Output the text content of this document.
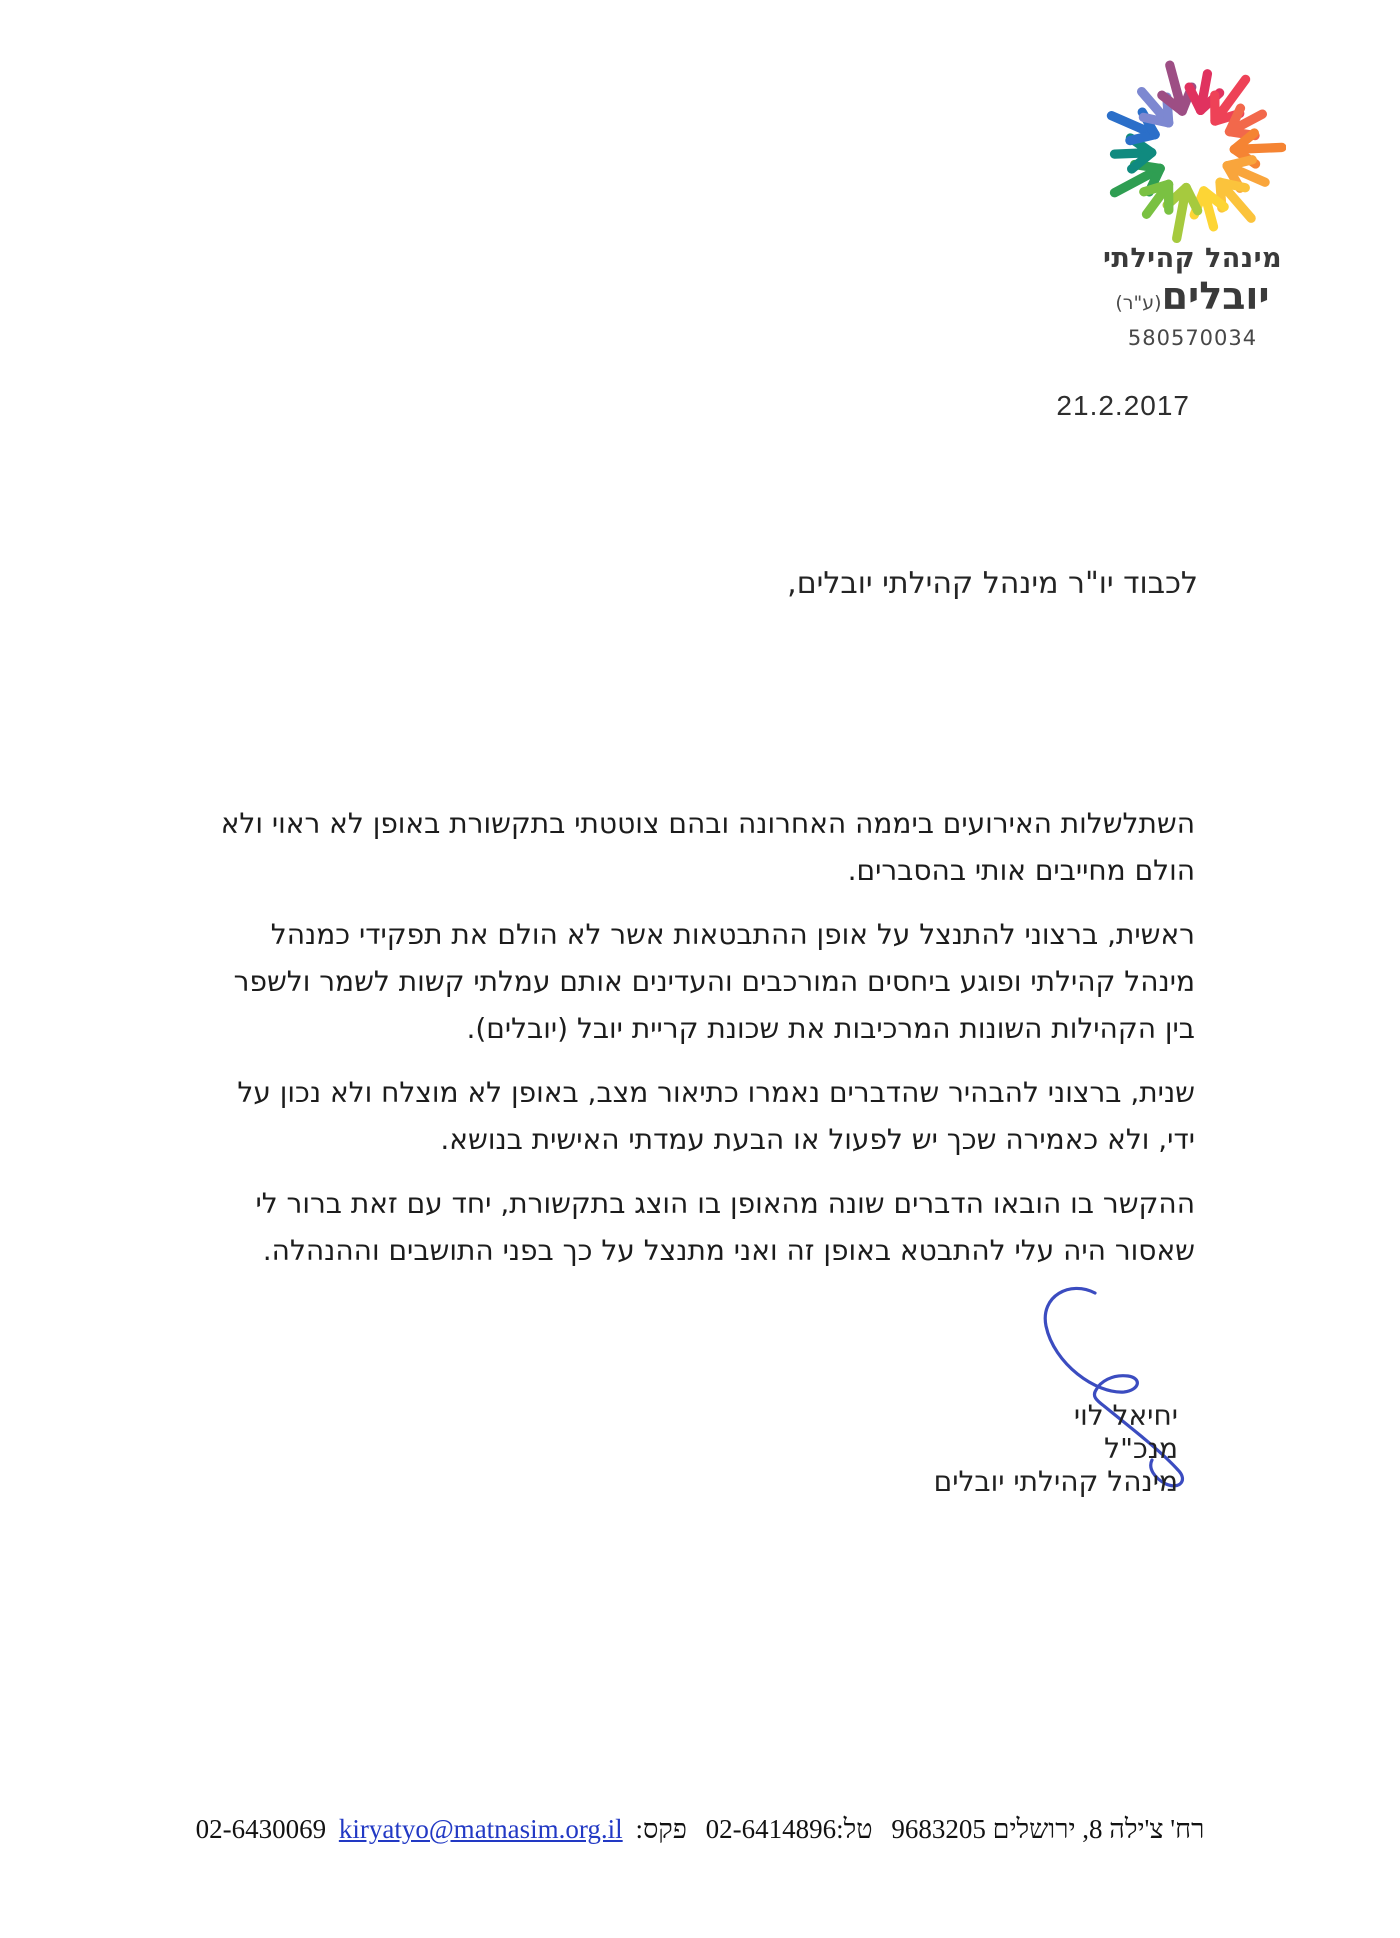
מינהל קהילתי
יובלים(ע"ר)
580570034
21.2.2017
לכבוד יו"ר מינהל קהילתי יובלים,

השתלשלות האירועים ביממה האחרונה ובהם צוטטתי בתקשורת באופן לא ראוי ולא הולם מחייבים אותי בהסברים.

ראשית, ברצוני להתנצל על אופן ההתבטאות אשר לא הולם את תפקידי כמנהל מינהל קהילתי ופוגע ביחסים המורכבים והעדינים אותם עמלתי קשות לשמר ולשפר בין הקהילות השונות המרכיבות את שכונת קריית יובל (יובלים).

שנית, ברצוני להבהיר שהדברים נאמרו כתיאור מצב, באופן לא מוצלח ולא נכון על ידי, ולא כאמירה שכך יש לפעול או הבעת עמדתי האישית בנושא.

ההקשר בו הובאו הדברים שונה מהאופן בו הוצג בתקשורת, יחד עם זאת ברור לי שאסור היה עלי להתבטא באופן זה ואני מתנצל על כך בפני התושבים וההנהלה.

יחיאל לוי
מנכ"ל
מינהל קהילתי יובלים
רח' צ'ילה 8, ירושלים 9683205 טל:02-6414896 פקס: 02-6430069 kiryatyo@matnasim.org.il
